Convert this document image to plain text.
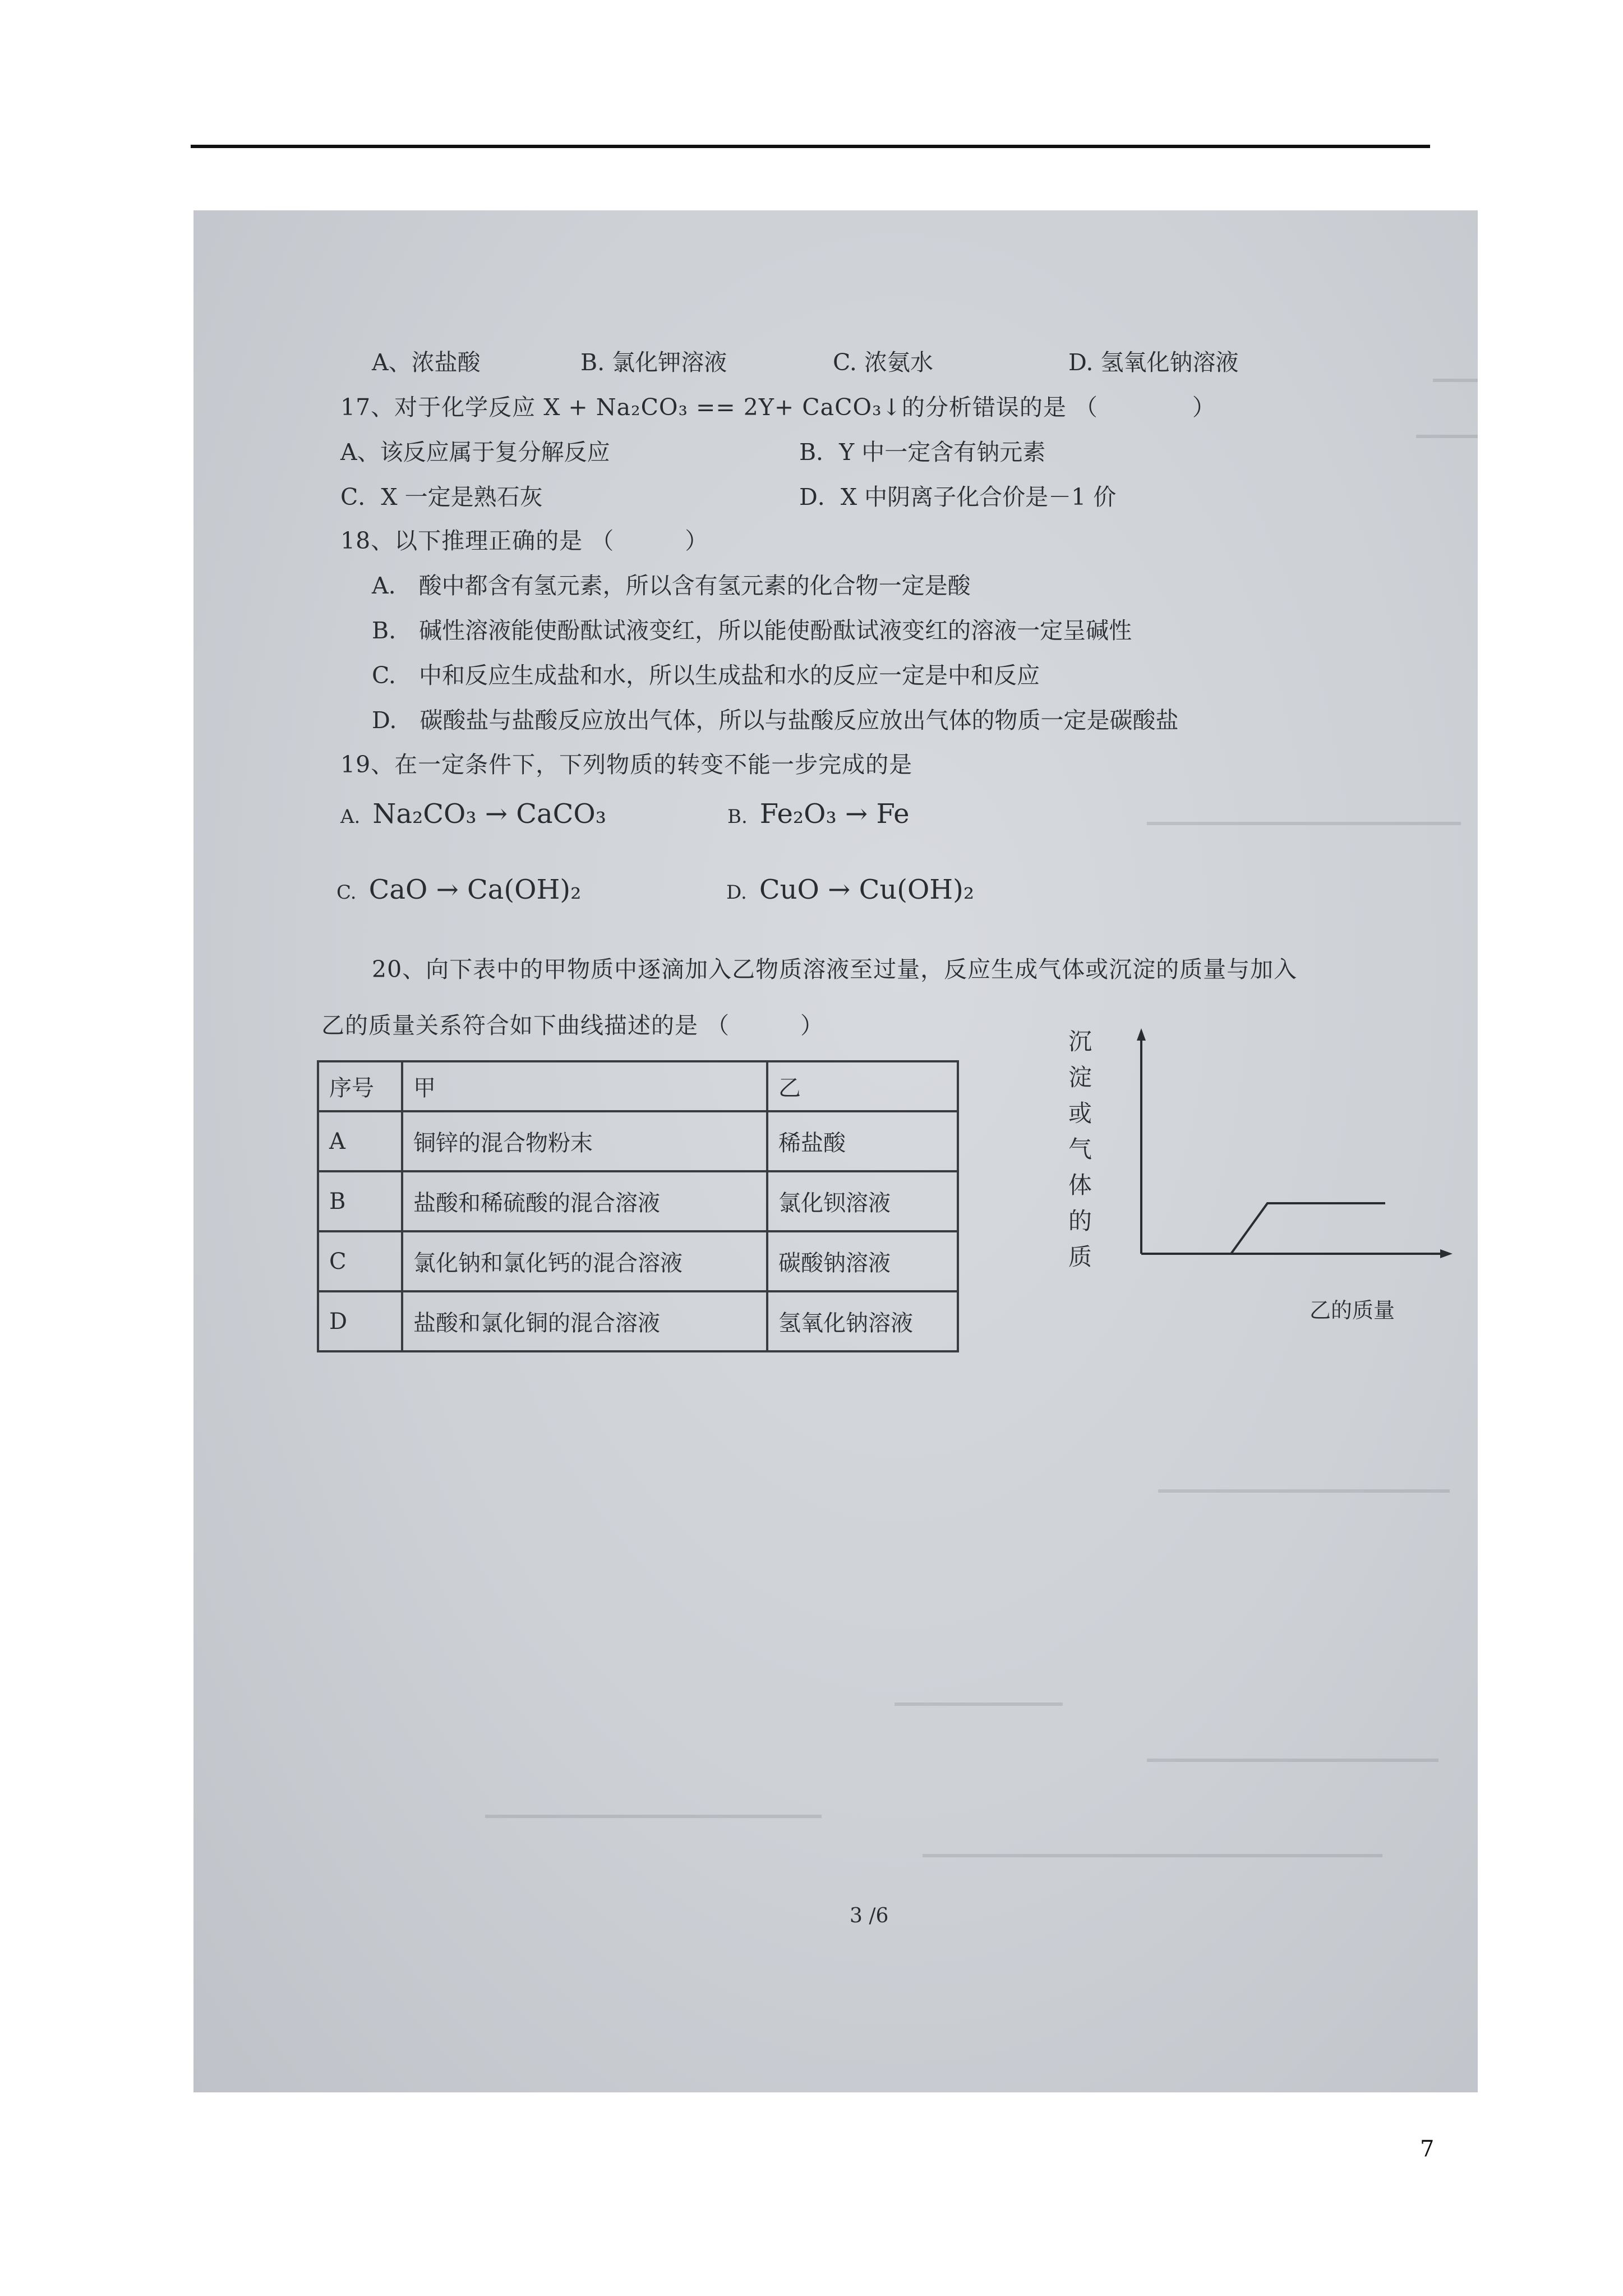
A、浓盐酸	B. 氯化钾溶液	C. 浓氨水	D. 氢氧化钠溶液
17、对于化学反应 X + Na₂CO₃ == 2Y+ CaCO₃↓的分析错误的是 （　　　　）
A、该反应属于复分解反应	B．Y 中一定含有钠元素
C．X 一定是熟石灰	D．X 中阴离子化合价是－1 价
18、以下推理正确的是 （　　　）
A.　酸中都含有氢元素，所以含有氢元素的化合物一定是酸
B.　碱性溶液能使酚酞试液变红，所以能使酚酞试液变红的溶液一定呈碱性
C.　中和反应生成盐和水，所以生成盐和水的反应一定是中和反应
D.　碳酸盐与盐酸反应放出气体，所以与盐酸反应放出气体的物质一定是碳酸盐
19、在一定条件下，下列物质的转变不能一步完成的是
A. Na₂CO₃ → CaCO₃	B. Fe₂O₃ → Fe
C. CaO → Ca(OH)₂	D. CuO → Cu(OH)₂
20、向下表中的甲物质中逐滴加入乙物质溶液至过量，反应生成气体或沉淀的质量与加入
乙的质量关系符合如下曲线描述的是 （　　　）
序号	甲	乙
A	铜锌的混合物粉末	稀盐酸
B	盐酸和稀硫酸的混合溶液	氯化钡溶液
C	氯化钠和氯化钙的混合溶液	碳酸钠溶液
D	盐酸和氯化铜的混合溶液	氢氧化钠溶液
沉
淀
或
气
体
的
质
乙的质量
3 /6
7
